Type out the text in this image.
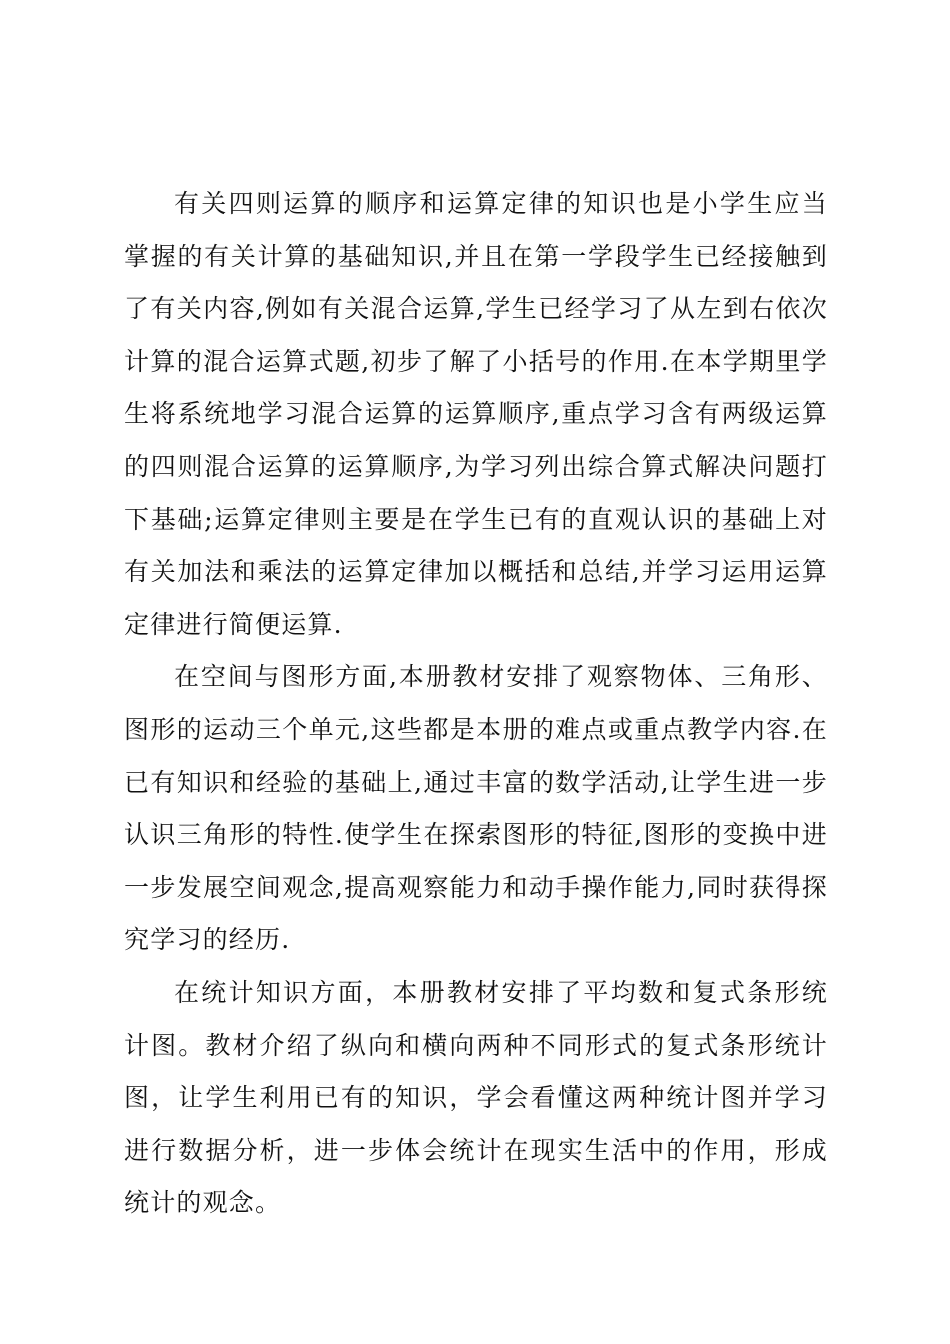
有关四则运算的顺序和运算定律的知识也是小学生应当掌握的有关计算的基础知识,并且在第一学段学生已经接触到了有关内容,例如有关混合运算,学生已经学习了从左到右依次计算的混合运算式题,初步了解了小括号的作用.在本学期里学生将系统地学习混合运算的运算顺序,重点学习含有两级运算的四则混合运算的运算顺序,为学习列出综合算式解决问题打下基础;运算定律则主要是在学生已有的直观认识的基础上对有关加法和乘法的运算定律加以概括和总结,并学习运用运算定律进行简便运算.

在空间与图形方面,本册教材安排了观察物体、三角形、图形的运动三个单元,这些都是本册的难点或重点教学内容.在已有知识和经验的基础上,通过丰富的数学活动,让学生进一步认识三角形的特性.使学生在探索图形的特征,图形的变换中进一步发展空间观念,提高观察能力和动手操作能力,同时获得探究学习的经历.

在统计知识方面，本册教材安排了平均数和复式条形统计图。教材介绍了纵向和横向两种不同形式的复式条形统计图，让学生利用已有的知识，学会看懂这两种统计图并学习进行数据分析，进一步体会统计在现实生活中的作用，形成统计的观念。
